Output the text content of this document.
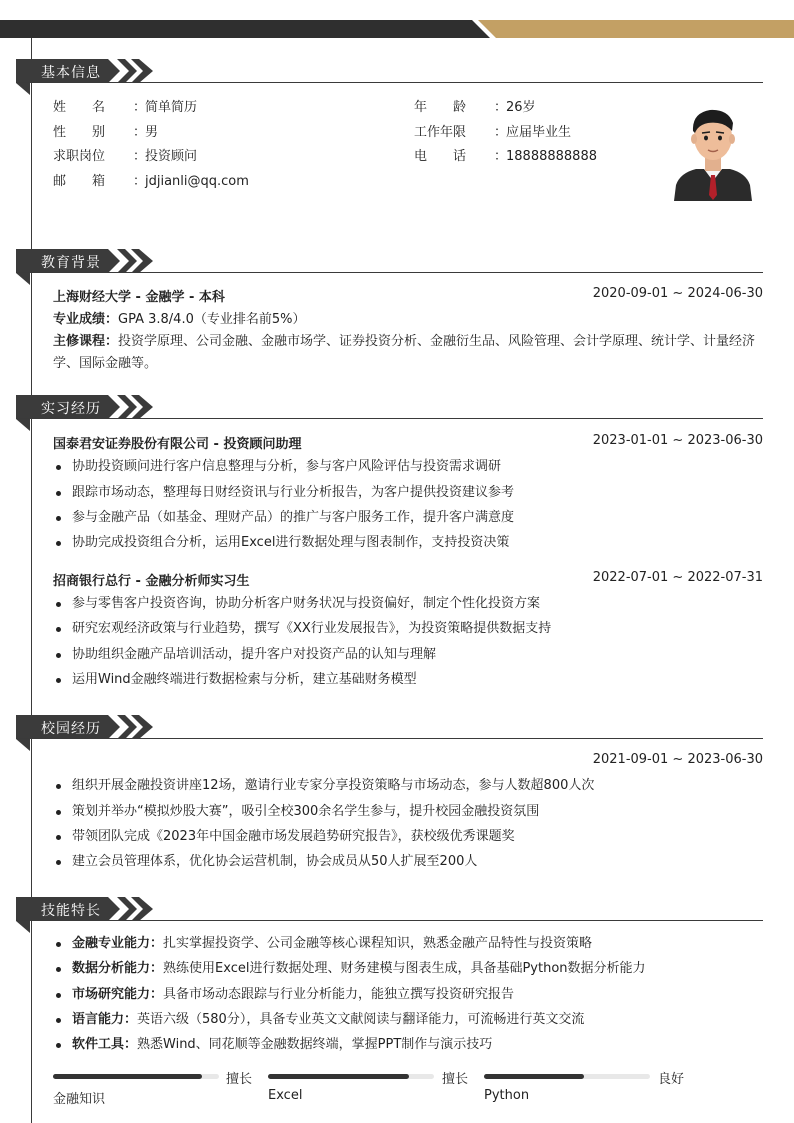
基本信息
姓　　名 ：简单简历
性　　别 ：男
求职岗位 ：投资顾问
邮　　箱 ：jdjianli@qq.com
年　　龄 ：26岁
工作年限 ：应届毕业生
电　　话 ：18888888888
教育背景
上海财经大学 - 金融学 - 本科	2020-09-01 ~ 2024-06-30
专业成绩：GPA 3.8/4.0（专业排名前5%）
主修课程：投资学原理、公司金融、金融市场学、证券投资分析、金融衍生品、风险管理、会计学原理、统计学、计量经济
学、国际金融等。
实习经历
国泰君安证券股份有限公司 - 投资顾问助理	2023-01-01 ~ 2023-06-30
协助投资顾问进行客户信息整理与分析，参与客户风险评估与投资需求调研
跟踪市场动态，整理每日财经资讯与行业分析报告，为客户提供投资建议参考
参与金融产品（如基金、理财产品）的推广与客户服务工作，提升客户满意度
协助完成投资组合分析，运用Excel进行数据处理与图表制作，支持投资决策
招商银行总行 - 金融分析师实习生	2022-07-01 ~ 2022-07-31
参与零售客户投资咨询，协助分析客户财务状况与投资偏好，制定个性化投资方案
研究宏观经济政策与行业趋势，撰写《XX行业发展报告》，为投资策略提供数据支持
协助组织金融产品培训活动，提升客户对投资产品的认知与理解
运用Wind金融终端进行数据检索与分析，建立基础财务模型
校园经历
2021-09-01 ~ 2023-06-30
组织开展金融投资讲座12场，邀请行业专家分享投资策略与市场动态，参与人数超800人次
策划并举办“模拟炒股大赛”，吸引全校300余名学生参与，提升校园金融投资氛围
带领团队完成《2023年中国金融市场发展趋势研究报告》，获校级优秀课题奖
建立会员管理体系，优化协会运营机制，协会成员从50人扩展至200人
技能特长
金融专业能力：扎实掌握投资学、公司金融等核心课程知识，熟悉金融产品特性与投资策略
数据分析能力：熟练使用Excel进行数据处理、财务建模与图表生成，具备基础Python数据分析能力
市场研究能力：具备市场动态跟踪与行业分析能力，能独立撰写投资研究报告
语言能力：英语六级（580分），具备专业英文文献阅读与翻译能力，可流畅进行英文交流
软件工具：熟悉Wind、同花顺等金融数据终端，掌握PPT制作与演示技巧
擅长
金融知识
擅长
Excel
良好
Python
